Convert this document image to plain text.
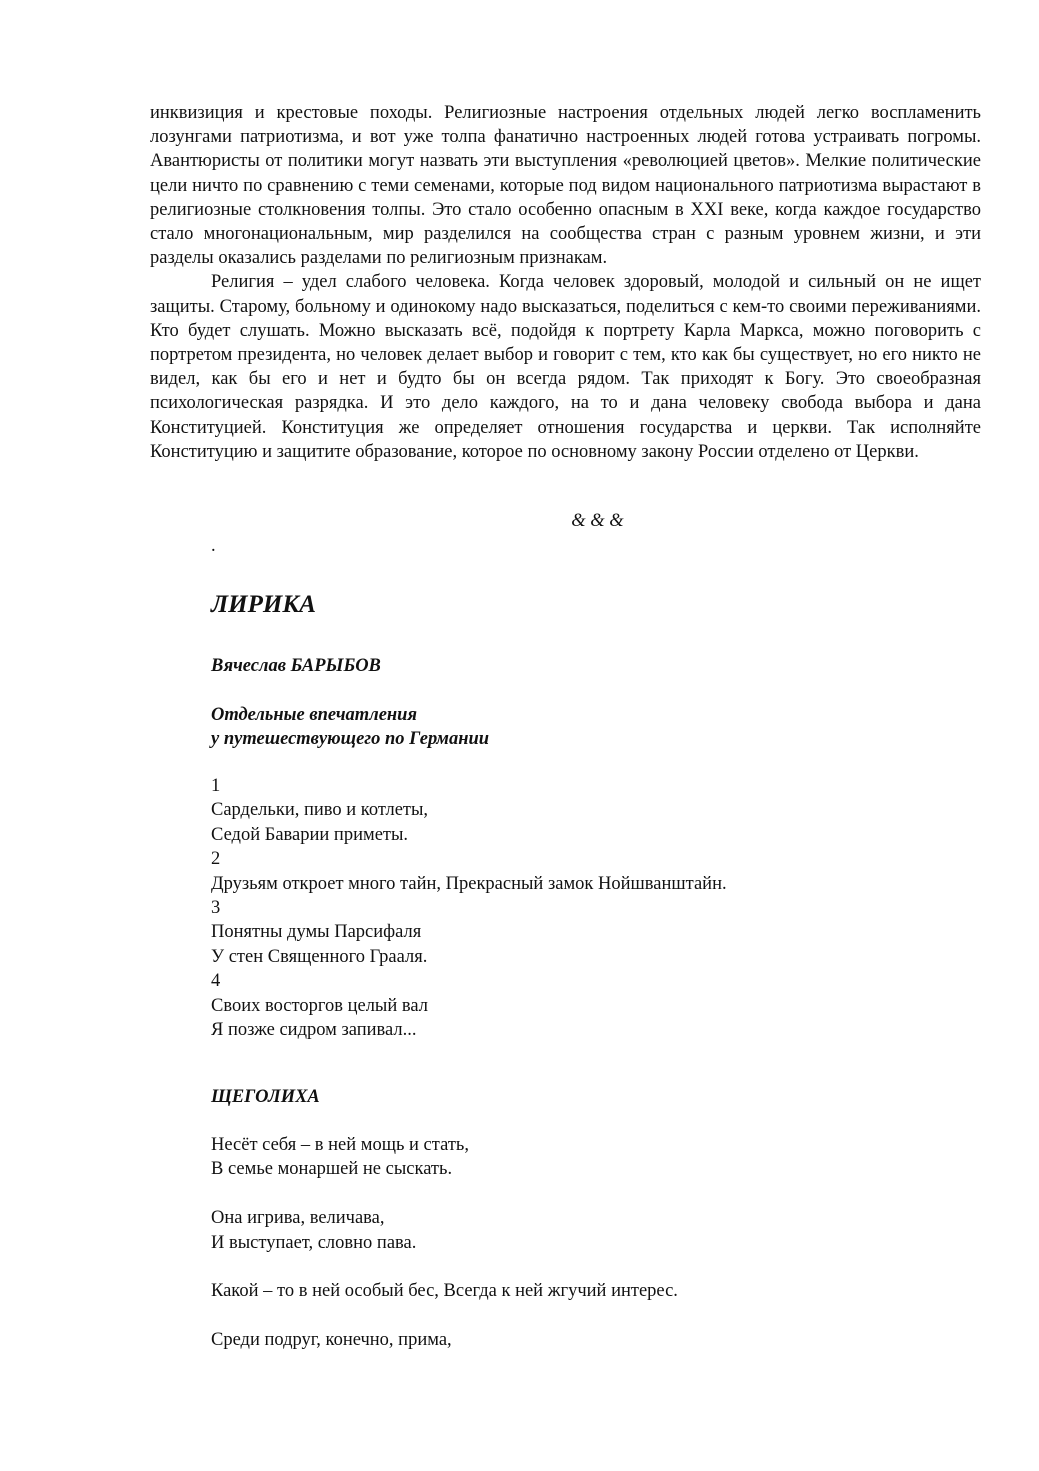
инквизиция и крестовые походы. Религиозные настроения отдельных людей легко воспламенить лозунгами патриотизма, и вот уже толпа фанатично настроенных людей готова устраивать погромы. Авантюристы от политики могут назвать эти выступления «революцией цветов». Мелкие политические цели ничто по сравнению с теми семенами, которые под видом национального патриотизма вырастают в религиозные столкновения толпы. Это стало особенно опасным в XXI веке, когда каждое государство стало многонациональным, мир разделился на сообщества стран с разным уровнем жизни, и эти разделы оказались разделами по религиозным признакам.

Религия – удел слабого человека. Когда человек здоровый, молодой и сильный он не ищет защиты. Старому, больному и одинокому надо высказаться, поделиться с кем-то своими переживаниями. Кто будет слушать. Можно высказать всё, подойдя к портрету Карла Маркса, можно поговорить с портретом президента, но человек делает выбор и говорит с тем, кто как бы существует, но его никто не видел, как бы его и нет и будто бы он всегда рядом. Так приходят к Богу. Это своеобразная психологическая разрядка. И это дело каждого, на то и дана человеку свобода выбора и дана Конституцией. Конституция же определяет отношения государства и церкви. Так исполняйте Конституцию и защитите образование, которое по основному закону России отделено от Церкви.

& & &
.
ЛИРИКА
Вячеслав БАРЫБОВ
Отдельные впечатления
у путешествующего по Германии
1
Сардельки, пиво и котлеты,
Седой Баварии приметы.
2
Друзьям откроет много тайн, Прекрасный замок Нойшванштайн.
3
Понятны думы Парсифаля
У стен Священного Грааля.
4
Своих восторгов целый вал
Я позже сидром запивал...
ЩЕГОЛИХА
Несёт себя – в ней мощь и стать,
В семье монаршей не сыскать.
Она игрива, величава,
И выступает, словно пава.
Какой – то в ней особый бес, Всегда к ней жгучий интерес.
Среди подруг, конечно, прима,
